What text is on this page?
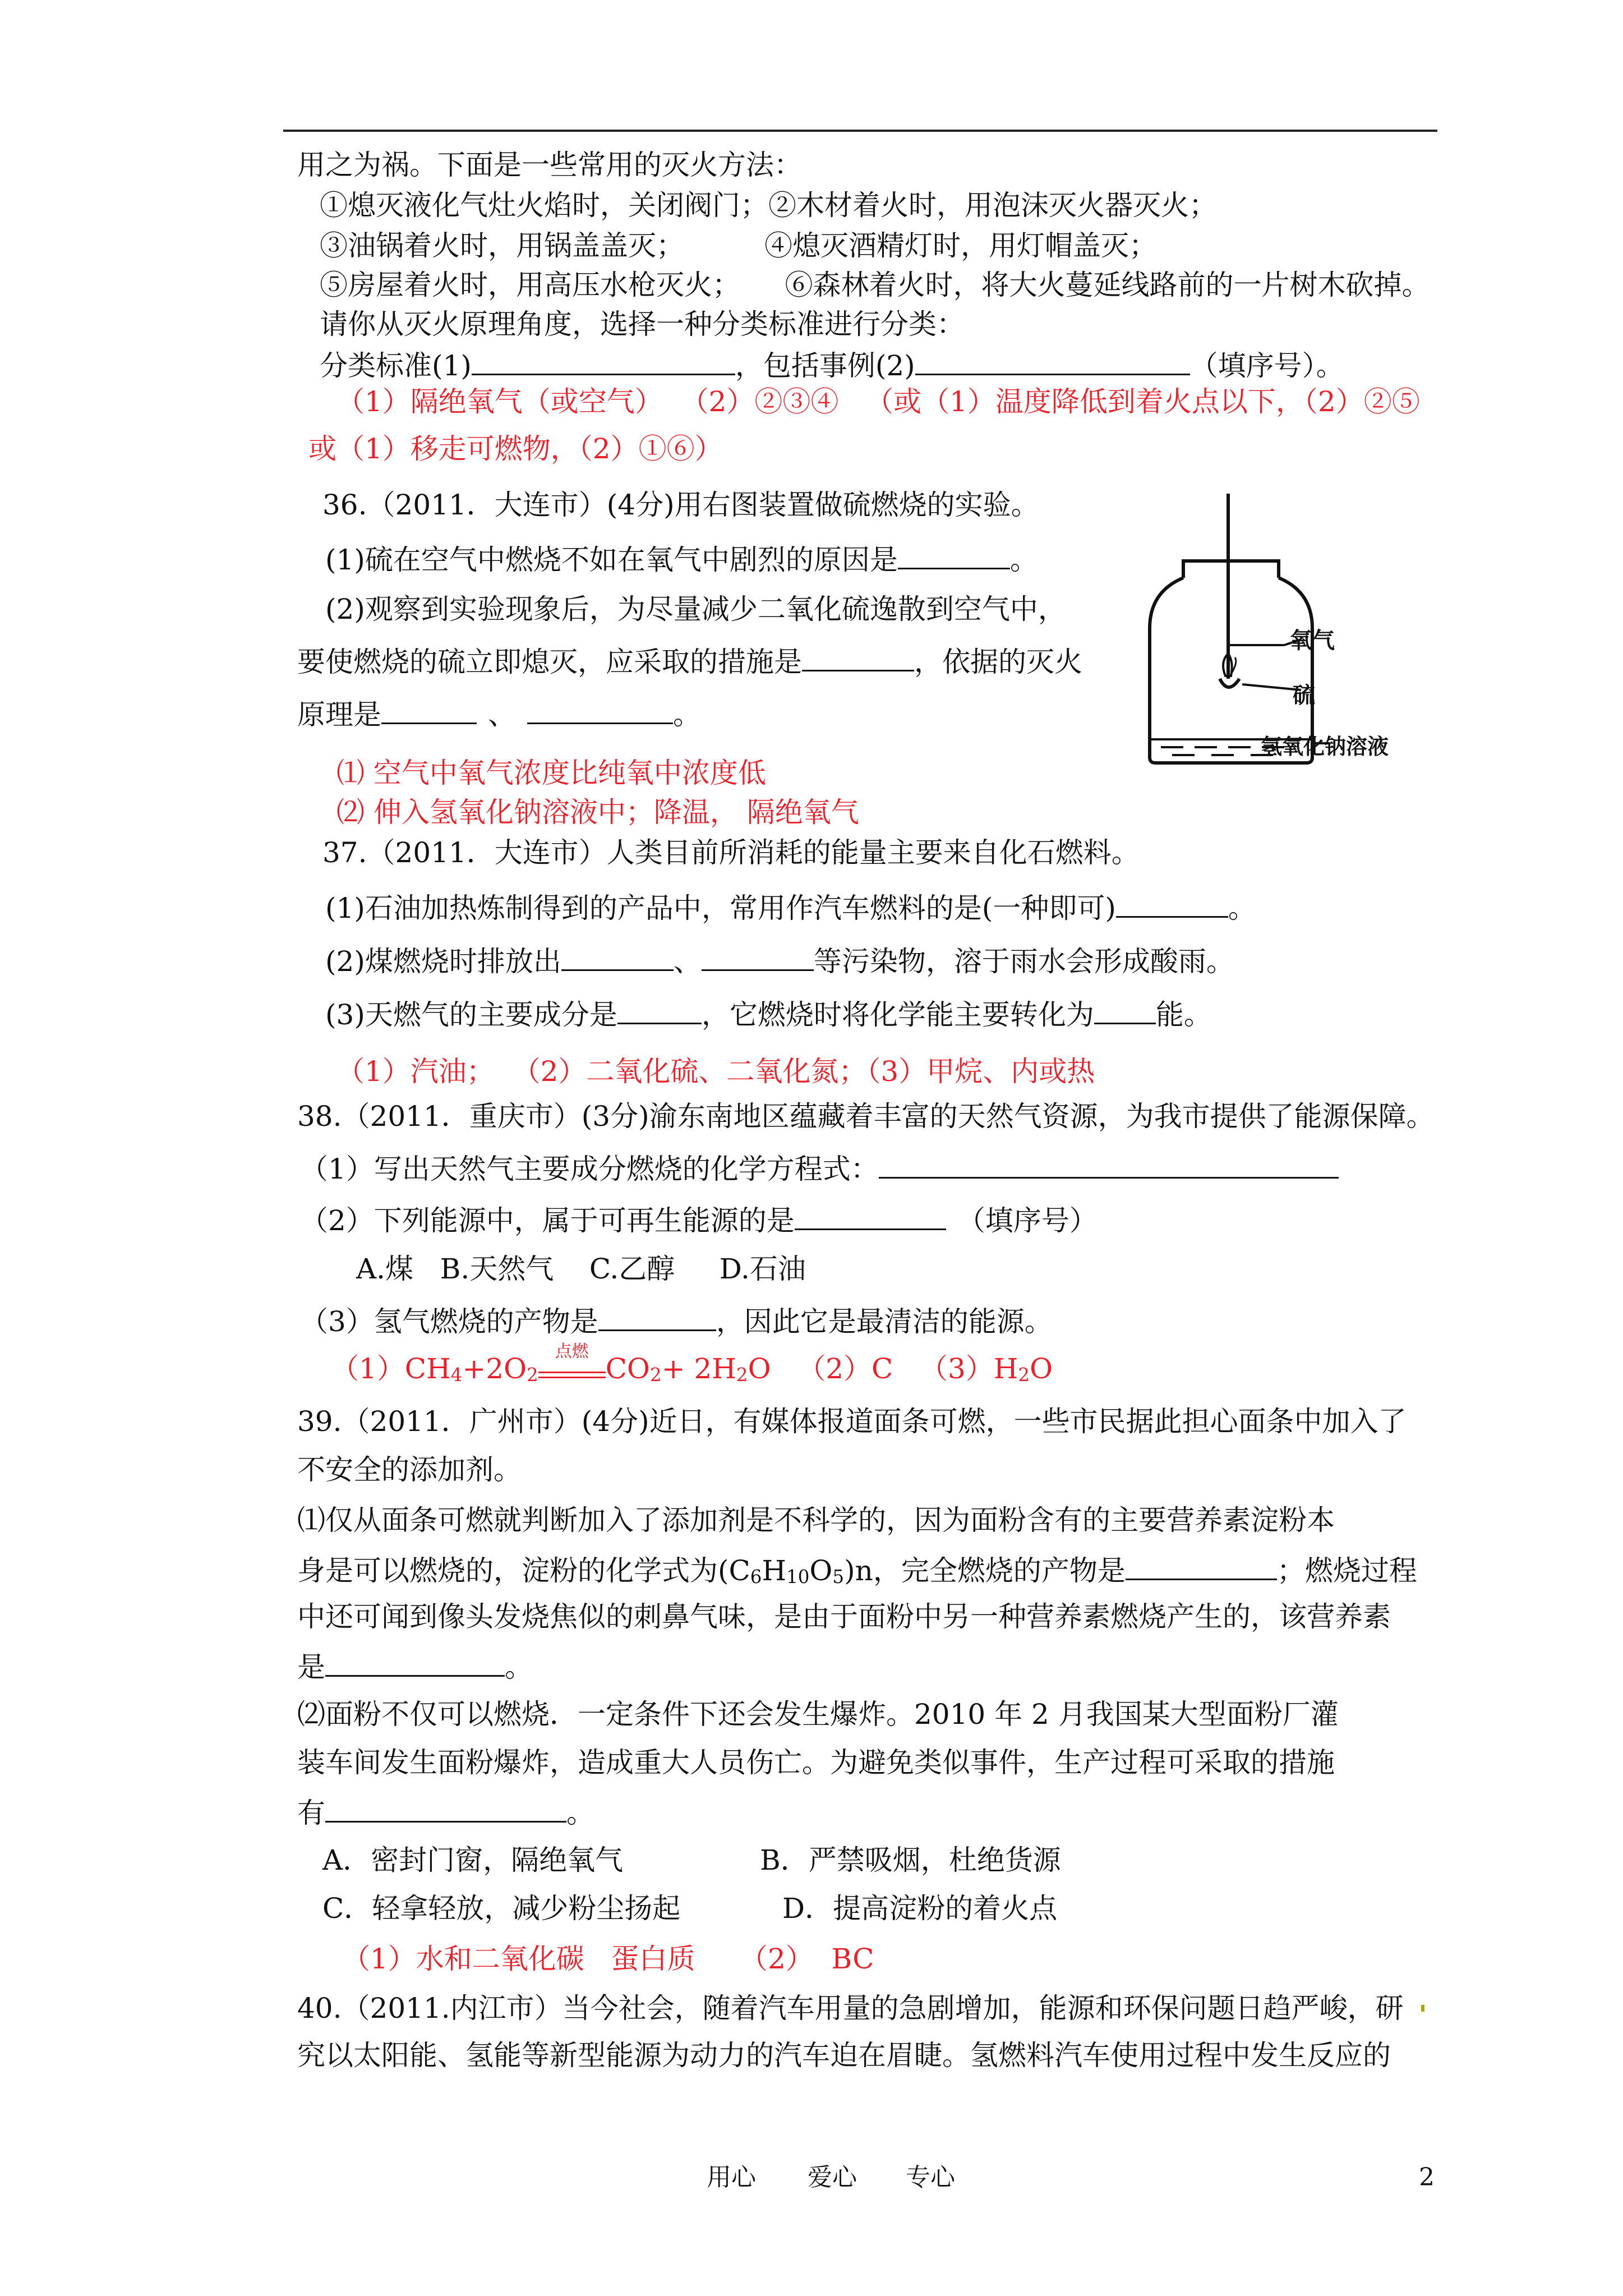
用之为祸。下面是一些常用的灭火方法：
①熄灭液化气灶火焰时，关闭阀门；②木材着火时，用泡沫灭火器灭火；
③油锅着火时，用锅盖盖灭；         ④熄灭酒精灯时，用灯帽盖灭；
⑤房屋着火时，用高压水枪灭火；     ⑥森林着火时，将大火蔓延线路前的一片树木砍掉。
请你从灭火原理角度，选择一种分类标准进行分类：
分类标准(1)	，包括事例(2)	（填序号）。
（1）隔绝氧气（或空气）  （2）②③④   （或（1）温度降低到着火点以下，（2）②⑤
或（1）移走可燃物，（2）①⑥）
36.（2011．大连市）(4分)用右图装置做硫燃烧的实验。
(1)硫在空气中燃烧不如在氧气中剧烈的原因是	。
(2)观察到实验现象后，为尽量减少二氧化硫逸散到空气中，
要使燃烧的硫立即熄灭，应采取的措施是	，依据的灭火
原理是	、	。
⑴ 空气中氧气浓度比纯氧中浓度低
⑵ 伸入氢氧化钠溶液中；降温， 隔绝氧气
氧气
硫
氢氧化钠溶液
37.（2011．大连市）人类目前所消耗的能量主要来自化石燃料。
(1)石油加热炼制得到的产品中，常用作汽车燃料的是(一种即可)	。
(2)煤燃烧时排放出	、	等污染物，溶于雨水会形成酸雨。
(3)天燃气的主要成分是	，它燃烧时将化学能主要转化为 能。
（1）汽油；  （2）二氧化硫、二氧化氮；（3）甲烷、内或热
38.（2011．重庆市）(3分)渝东南地区蕴藏着丰富的天然气资源，为我市提供了能源保障。
（1）写出天然气主要成分燃烧的化学方程式：
（2）下列能源中，属于可再生能源的是	（填序号）
A.煤   B.天然气    C.乙醇     D.石油
（3）氢气燃烧的产物是	，因此它是最清洁的能源。
$(1)CH_4+2O_2$
点燃
$CO_2+ 2H_2O$   （2）C   $(3)H_2O$
39.（2011．广州市）(4分)近日，有媒体报道面条可燃，一些市民据此担心面条中加入了
不安全的添加剂。
⑴仅从面条可燃就判断加入了添加剂是不科学的，因为面粉含有的主要营养素淀粉本
身是可以燃烧的，淀粉的化学式为$(C_6H_{10}O_5)n$，完全燃烧的产物是	；燃烧过程
中还可闻到像头发烧焦似的刺鼻气味，是由于面粉中另一种营养素燃烧产生的，该营养素
是	。
⑵面粉不仅可以燃烧．一定条件下还会发生爆炸。2010 年 2 月我国某大型面粉厂灌
装车间发生面粉爆炸，造成重大人员伤亡。为避免类似事件，生产过程可采取的措施
有	。
A．密封门窗，隔绝氧气	B．严禁吸烟，杜绝货源
C．轻拿轻放，减少粉尘扬起	D．提高淀粉的着火点
（1）水和二氧化碳   蛋白质     （2）  BC
40.（2011.内江市）当今社会，随着汽车用量的急剧增加，能源和环保问题日趋严峻，研
究以太阳能、氢能等新型能源为动力的汽车迫在眉睫。氢燃料汽车使用过程中发生反应的
用心 爱心 专心	2
